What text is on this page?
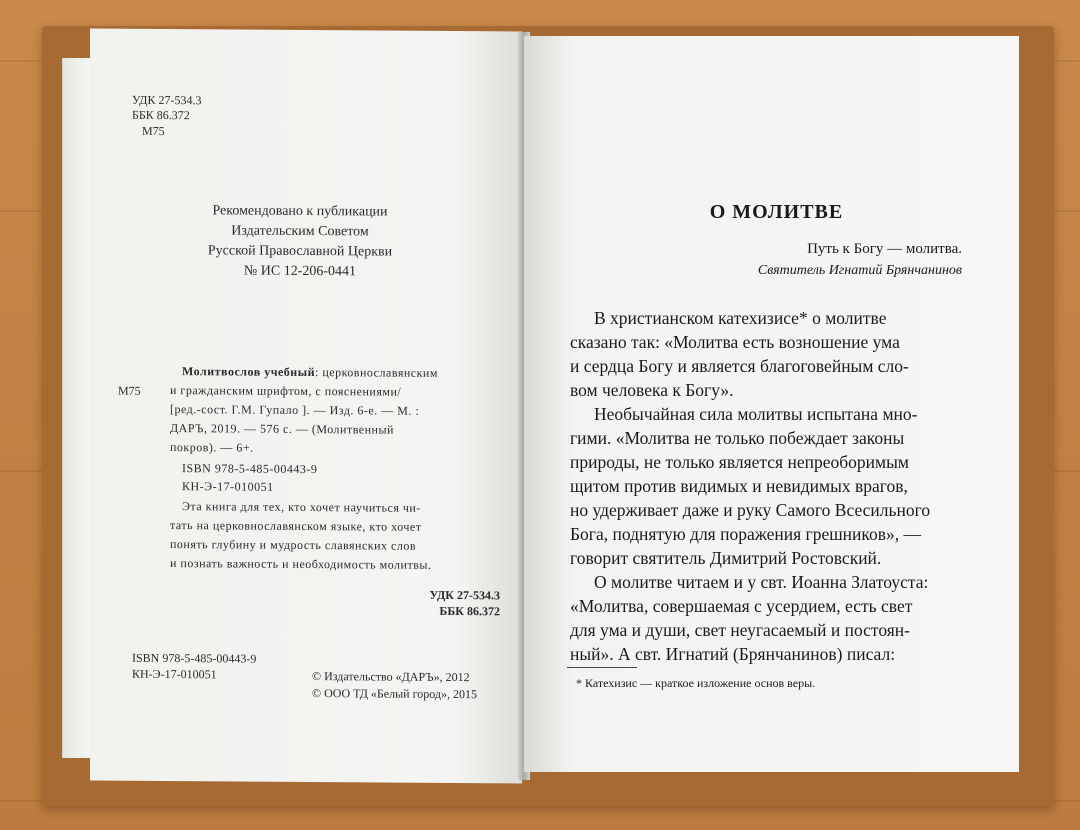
УДК 27-534.3
ББК 86.372
М75
Рекомендовано к публикации
Издательским Советом
Русской Православной Церкви
№ ИС 12-206-0441
М75
Молитвослов учебный: церковнославянским
и гражданским шрифтом, с пояснениями/
[ред.-сост. Г.М. Гупало ]. — Изд. 6-е. — М. :
ДАРЪ, 2019. — 576 с. — (Молитвенный
покров). — 6+.
ISBN 978-5-485-00443-9
КН-Э-17-010051
Эта книга для тех, кто хочет научиться чи-
тать на церковнославянском языке, кто хочет
понять глубину и мудрость славянских слов
и познать важность и необходимость молитвы.
УДК 27-534.3
ББК 86.372
ISBN 978-5-485-00443-9
КН-Э-17-010051	© Издательство «ДАРЪ», 2012
© ООО ТД «Белый город», 2015
О МОЛИТВЕ
Путь к Богу — молитва.
Святитель Игнатий Брянчанинов
В христианском катехизисе* о молитве
сказано так: «Молитва есть возношение ума
и сердца Богу и является благоговейным сло-
вом человека к Богу».
Необычайная сила молитвы испытана мно-
гими. «Молитва не только побеждает законы
природы, не только является непреоборимым
щитом против видимых и невидимых врагов,
но удерживает даже и руку Самого Всесильного
Бога, поднятую для поражения грешников», —
говорит святитель Димитрий Ростовский.
О молитве читаем и у свт. Иоанна Златоуста:
«Молитва, совершаемая с усердием, есть свет
для ума и души, свет неугасаемый и постоян-
ный». А свт. Игнатий (Брянчанинов) писал:
* Катехизис — краткое изложение основ веры.
